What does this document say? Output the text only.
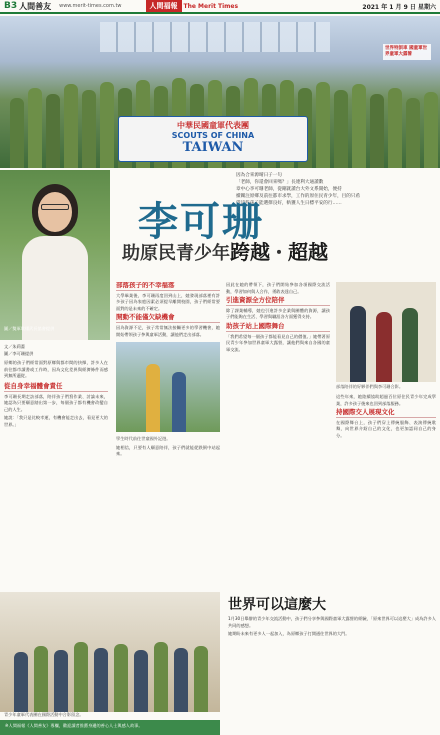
B3 人間善友 www.merit-times.com.tw	人間福報	The Merit Times	2021 年 1 月 9 日 星期六
中華民國童軍代表團
SCOUTS OF CHINA
TAIWAN
世界特訓車 國童軍世界童軍大露營
圖／雙軍歌懂武長協會提供
因為合來源晴日子一句
「老師，你還會回來嗎？」長連利大通讀數
章中心李可珊老師，從剛就讀台大外文系開始，便持
續關注原鄉及前往都市求學，工作的原住民青少年，目的只希
望這些孩子能選擇良好，斬獲人生日標平安的行……
李可珊
助原民青少年跨越・超越
文／朱莉薔
圖／李可珊提供

原鄉的孩子們經常面對原鄉與都市間的抉擇，許多人在前往都市讀書或工作時，因為文化差異與經濟條件而感到無所適從。

從自身幸福體會責任

李可珊長期走訪部落，陪伴孩子們寫作業、討論未來，她認為只要願意踏出第一步，每個孩子都有機會改變自己的人生。

她說：「我只是比較幸運，有機會能走出去，看見更大的世界。」

部落孩子的不幸福落

大學畢業後，李可珊再度回到山上，她發現部落裡有許多孩子因為家庭因素必須提早離開校園，孩子們經常要面對的是未來的不確定。

開動不能僅欠缺機會

因為資源不足，孩子常常無法接觸更多的學習機會，她開始帶領孩子參與童軍活動，讓他們走出部落。

學生時代前往世童國外記遊。

她相信，只要有人願意陪伴，孩子們就能從跌倒中站起來。

因此在她的帶領下，孩子們開始參加各項國際交流活動，學習如何與人合作，勇敢表達自己。

引進資源全方位陪伴

除了課業輔導，她也引進許多企業與團體的資源，讓孩子們能夠在生活、學習與職涯各方面獲得支持。

助孩子站上國際舞台

「我們希望每一個孩子都能看見自己的價值。」她帶著原民青少年參加世界童軍大露營，讓他們與來自各國的童軍交流。

部落陪伴的好夥伴們與李可珊合影。

這些年來，她陸續協助超過百位原住民青少年完成學業，許多孩子後來也回到部落服務。

持國際交人展現文化

在國際舞台上，孩子們穿上傳統服飾、表演傳統歌舞，向世界介紹自己的文化，也更加認同自己的身分。

青少年童軍代表團在國際活動中合影留念。
世界可以這麼大

1月30日舉辦的青少年交流活動中，孩子們分享參與國際童軍大露營的經驗，「原來世界可以這麼大」成為許多人共同的感想。

她期盼未來有更多人一起加入，為原鄉孩子打開通往世界的大門。

※人間福報《人間善友》專欄，歡迎讀者推薦身邊的善心人士與感人故事。
